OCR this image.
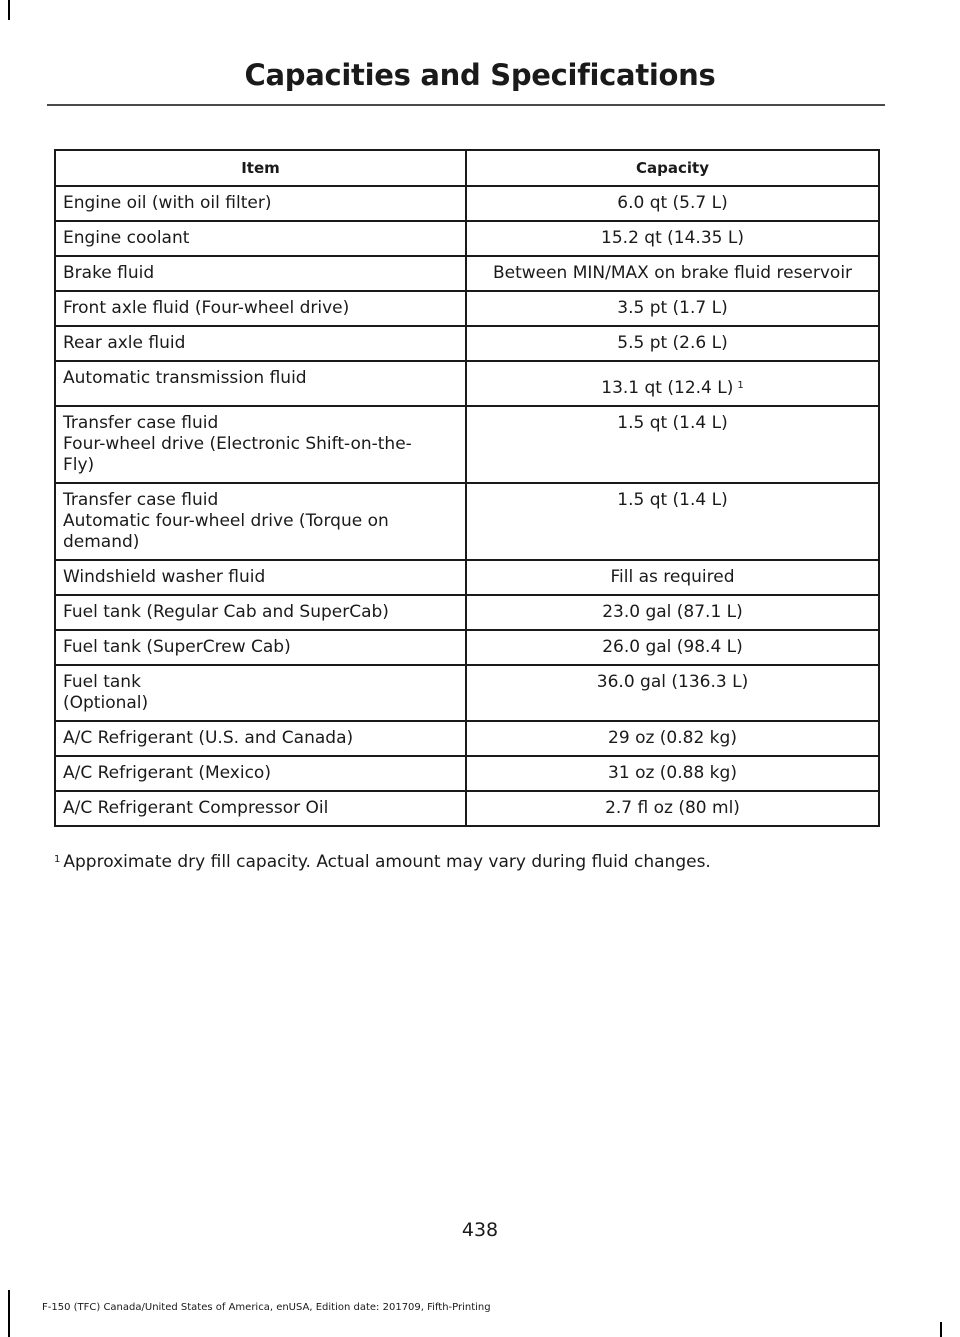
Capacities and Specifications
Item	Capacity

Engine oil (with oil filter)	6.0 qt (5.7 L)

Engine coolant	15.2 qt (14.35 L)

Brake fluid	Between MIN/MAX on brake fluid reservoir

Front axle fluid (Four-wheel drive)	3.5 pt (1.7 L)

Rear axle fluid	5.5 pt (2.6 L)

Automatic transmission fluid	13.1 qt (12.4 L) $^1$

Transfer case fluid
Four-wheel drive (Electronic Shift-on-the-
Fly)	1.5 qt (1.4 L)

Transfer case fluid
Automatic four-wheel drive (Torque on
demand)	1.5 qt (1.4 L)

Windshield washer fluid	Fill as required

Fuel tank (Regular Cab and SuperCab)	23.0 gal (87.1 L)

Fuel tank (SuperCrew Cab)	26.0 gal (98.4 L)

Fuel tank
(Optional)	36.0 gal (136.3 L)

A/C Refrigerant (U.S. and Canada)	29 oz (0.82 kg)

A/C Refrigerant (Mexico)	31 oz (0.88 kg)

A/C Refrigerant Compressor Oil	2.7 fl oz (80 ml)
$^1$ Approximate dry fill capacity. Actual amount may vary during fluid changes.
438
F-150 (TFC) Canada/United States of America, enUSA, Edition date: 201709, Fifth-Printing
